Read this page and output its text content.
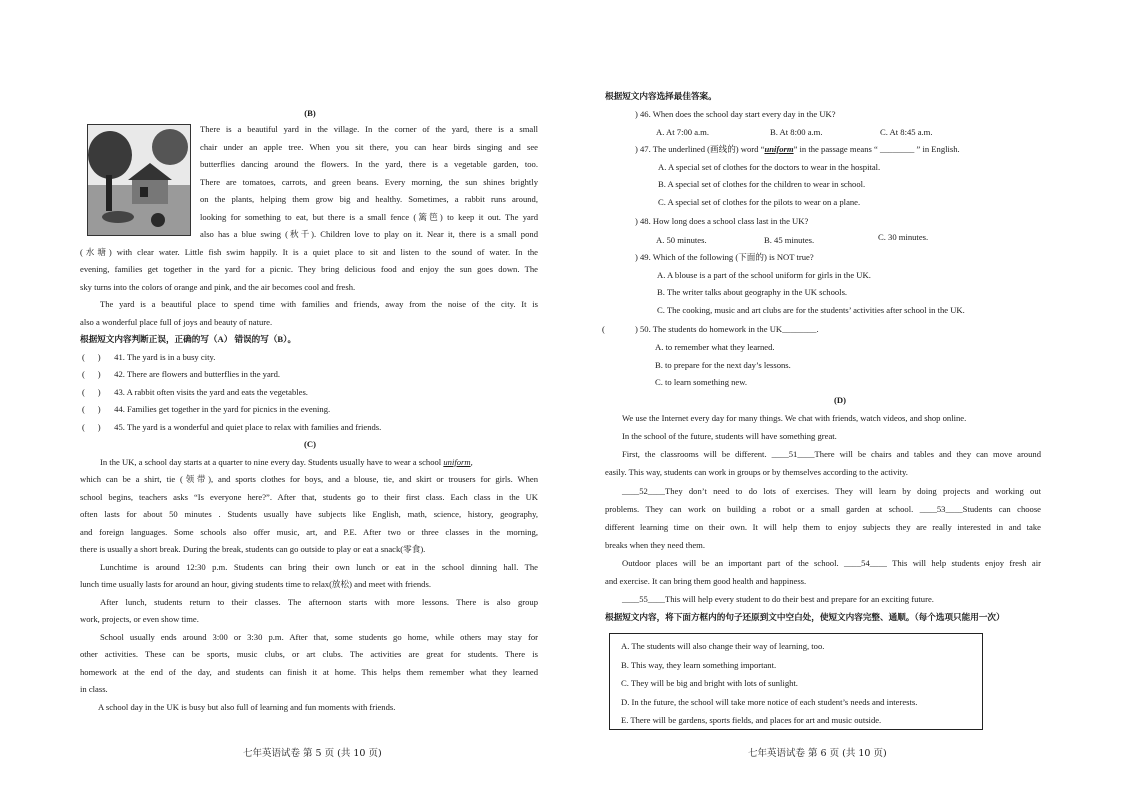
(B)
There is a beautiful yard in the village. In the corner of the yard, there is a small
chair under an apple tree. When you sit there, you can hear birds singing and see
butterflies dancing around the flowers. In the yard, there is a vegetable garden, too.
There are tomatoes, carrots, and green beans. Every morning, the sun shines brightly
on the plants, helping them grow big and healthy. Sometimes, a rabbit runs around,
looking for something to eat, but there is a small fence (篱笆) to keep it out. The yard
also has a blue swing (秋千). Children love to play on it. Near it, there is a small pond
(水塘) with clear water. Little fish swim happily. It is a quiet place to sit and listen to the sound of water. In the
evening, families get together in the yard for a picnic. They bring delicious food and enjoy the sun goes down. The
sky turns into the colors of orange and pink, and the air becomes cool and fresh.
The yard is a beautiful place to spend time with families and friends, away from the noise of the city. It is
also a wonderful place full of joys and beauty of nature.
根据短文内容判断正误，正确的写（A） 错误的写（B）。
(      ) 41. The yard is in a busy city.
(      ) 42. There are flowers and butterflies in the yard.
(      ) 43. A rabbit often visits the yard and eats the vegetables.
(      ) 44. Families get together in the yard for picnics in the evening.
(      ) 45. The yard is a wonderful and quiet place to relax with families and friends.
(C)
In the UK, a school day starts at a quarter to nine every day. Students usually have to wear a school uniform,
which can be a shirt, tie (领带), and sports clothes for boys, and a blouse, tie, and skirt or trousers for girls. When
school begins, teachers asks “Is everyone here?”. After that, students go to their first class. Each class in the UK
often lasts for about 50 minutes . Students usually have subjects like English, math, science, history, geography,
and foreign languages. Some schools also offer music, art, and P.E. After two or three classes in the morning,
there is usually a short break. During the break, students can go outside to play or eat a snack(零食).
Lunchtime is around 12:30 p.m. Students can bring their own lunch or eat in the school dinning hall. The
lunch time usually lasts for around an hour, giving students time to relax(放松) and meet with friends.
After lunch, students return to their classes. The afternoon starts with more lessons. There is also group
work, projects, or even show time.
School usually ends around 3:00 or 3:30 p.m. After that, some students go home, while others may stay for
other activities. These can be sports, music clubs, or art clubs. The activities are great for students. There is
homework at the end of the day, and students can finish it at home. This helps them remember what they learned
in class.
A school day in the UK is busy but also full of learning and fun moments with friends.
七年英语试卷 第 5 页 (共 10 页)
根据短文内容选择最佳答案。
) 46. When does the school day start every day in the UK?
A. At 7:00 a.m.	B. At 8:00 a.m.	C. At 8:45 a.m.
) 47. The underlined (画线的) word “uniform” in the passage means “ ________ ” in English.
A. A special set of clothes for the doctors to wear in the hospital.
B. A special set of clothes for the children to wear in school.
C. A special set of clothes for the pilots to wear on a plane.
) 48. How long does a school class last in the UK?
A. 50 minutes.	B. 45 minutes.	C. 30 minutes.
) 49. Which of the following (下面的) is NOT true?
A. A blouse is a part of the school uniform for girls in the UK.
B. The writer talks about geography in the UK schools.
C. The cooking, music and art clubs are for the students’ activities after school in the UK.
(	) 50. The students do homework in the UK________.
A. to remember what they learned.
B. to prepare for the next day’s lessons.
C. to learn something new.
(D)
We use the Internet every day for many things. We chat with friends, watch videos, and shop online.
In the school of the future, students will have something great.
First, the classrooms will be different. ____51____There will be chairs and tables and they can move around
easily. This way, students can work in groups or by themselves according to the activity.
____52____They don’t need to do lots of exercises. They will learn by doing projects and working out
problems. They can work on building a robot or a small garden at school. ____53____Students can choose
different learning time on their own. It will help them to enjoy subjects they are really interested in and take
breaks when they need them.
Outdoor places will be an important part of the school. ____54____ This will help students enjoy fresh air
and exercise. It can bring them good health and happiness.
____55____This will help every student to do their best and prepare for an exciting future.
根据短文内容，将下面方框内的句子还原到文中空白处，使短文内容完整、通顺。（每个选项只能用一次）
A. The students will also change their way of learning, too.
B. This way, they learn something important.
C. They will be big and bright with lots of sunlight.
D. In the future, the school will take more notice of each student’s needs and interests.
E. There will be gardens, sports fields, and places for art and music outside.
七年英语试卷 第 6 页 (共 10 页)
